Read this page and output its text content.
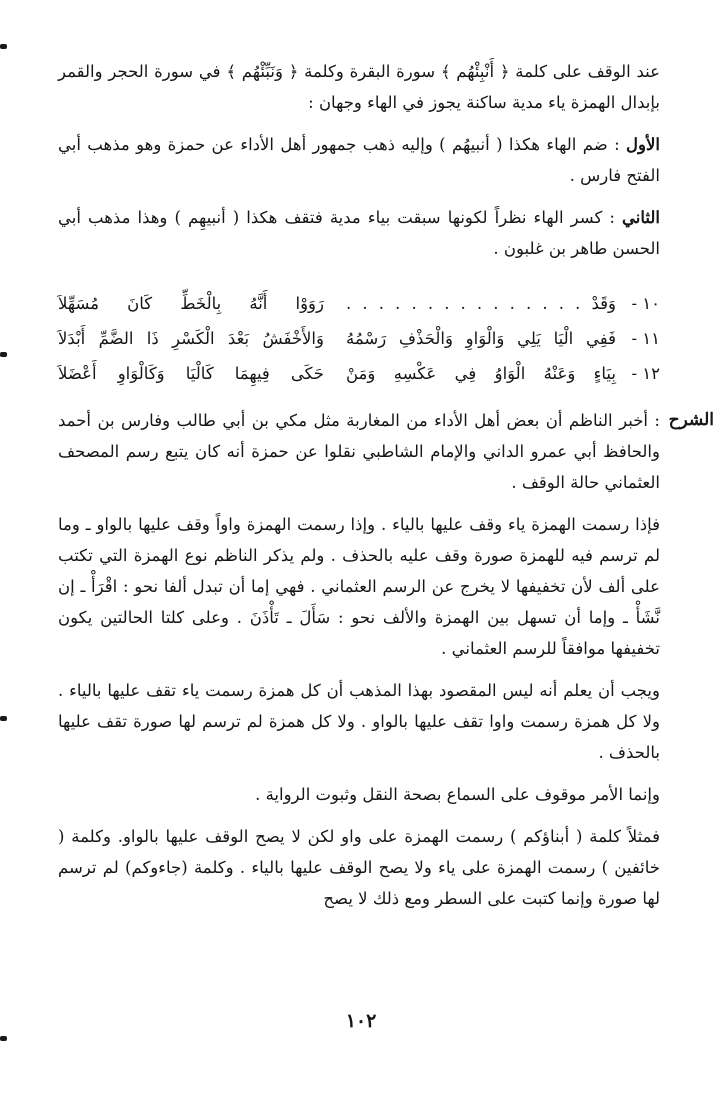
عند الوقف على كلمة ﴿ أَنْبِئْهُم ﴾ سورة البقرة وكلمة ﴿ وَنَبِّئْهُم ﴾ في سورة الحجر والقمر بإبدال الهمزة ياء مدية ساكنة يجوز في الهاء وجهان :

الأول : ضم الهاء هكذا ( أنبيهُم ) وإليه ذهب جمهور أهل الأداء عن حمزة وهو مذهب أبي الفتح فارس .

الثاني : كسر الهاء نظراً لكونها سبقت بياء مدية فتقف هكذا ( أنبيهِم ) وهذا مذهب أبي الحسن طاهر بن غلبون .

١٠ -
وَقَدْ . . . . . . . . . . . . . . .
رَوَوْا أَنَّهُ بِالْخَطِّ كَانَ مُسَهِّلاَ
١١ -
فَفِي الْيَا يَلِي وَالْوَاوِ وَالْحَذْفِ رَسْمُهُ
وَالأَخْفَشُ بَعْدَ الْكَسْرِ ذَا الضَّمِّ أَبْدَلاَ
١٢ -
بِيَاءٍ وَعَنْهُ الْوَاوُ فِي عَكْسِهِ وَمَنْ
حَكَى فِيهِمَا كَالْيَا وَكَالْوَاوِ أَعْضَلاَ
الشرح

: أخبر الناظم أن بعض أهل الأداء من المغاربة مثل مكي بن أبي طالب وفارس بن أحمد والحافظ أبي عمرو الداني والإمام الشاطبي نقلوا عن حمزة أنه كان يتبع رسم المصحف العثماني حالة الوقف .

فإذا رسمت الهمزة ياء وقف عليها بالياء . وإذا رسمت الهمزة واواً وقف عليها بالواو ـ وما لم ترسم فيه للهمزة صورة وقف عليه بالحذف . ولم يذكر الناظم نوع الهمزة التي تكتب على ألف لأن تخفيفها لا يخرج عن الرسم العثماني . فهي إما أن تبدل ألفا نحو : اقْرَأْ ـ إن نَّشَأْ ـ وإما أن تسهل بين الهمزة والألف نحو : سَأَلَ ـ تَأْذَنَ . وعلى كلتا الحالتين يكون تخفيفها موافقاً للرسم العثماني .

ويجب أن يعلم أنه ليس المقصود بهذا المذهب أن كل همزة رسمت ياء تقف عليها بالياء . ولا كل همزة رسمت واوا تقف عليها بالواو . ولا كل همزة لم ترسم لها صورة تقف عليها بالحذف .

وإنما الأمر موقوف على السماع بصحة النقل وثبوت الرواية .

فمثلاً كلمة ( أبناؤكم ) رسمت الهمزة على واو لكن لا يصح الوقف عليها بالواو. وكلمة ( خائفين ) رسمت الهمزة على ياء ولا يصح الوقف عليها بالياء . وكلمة (جاءوكم) لم ترسم لها صورة وإنما كتبت على السطر ومع ذلك لا يصح

١٠٢
